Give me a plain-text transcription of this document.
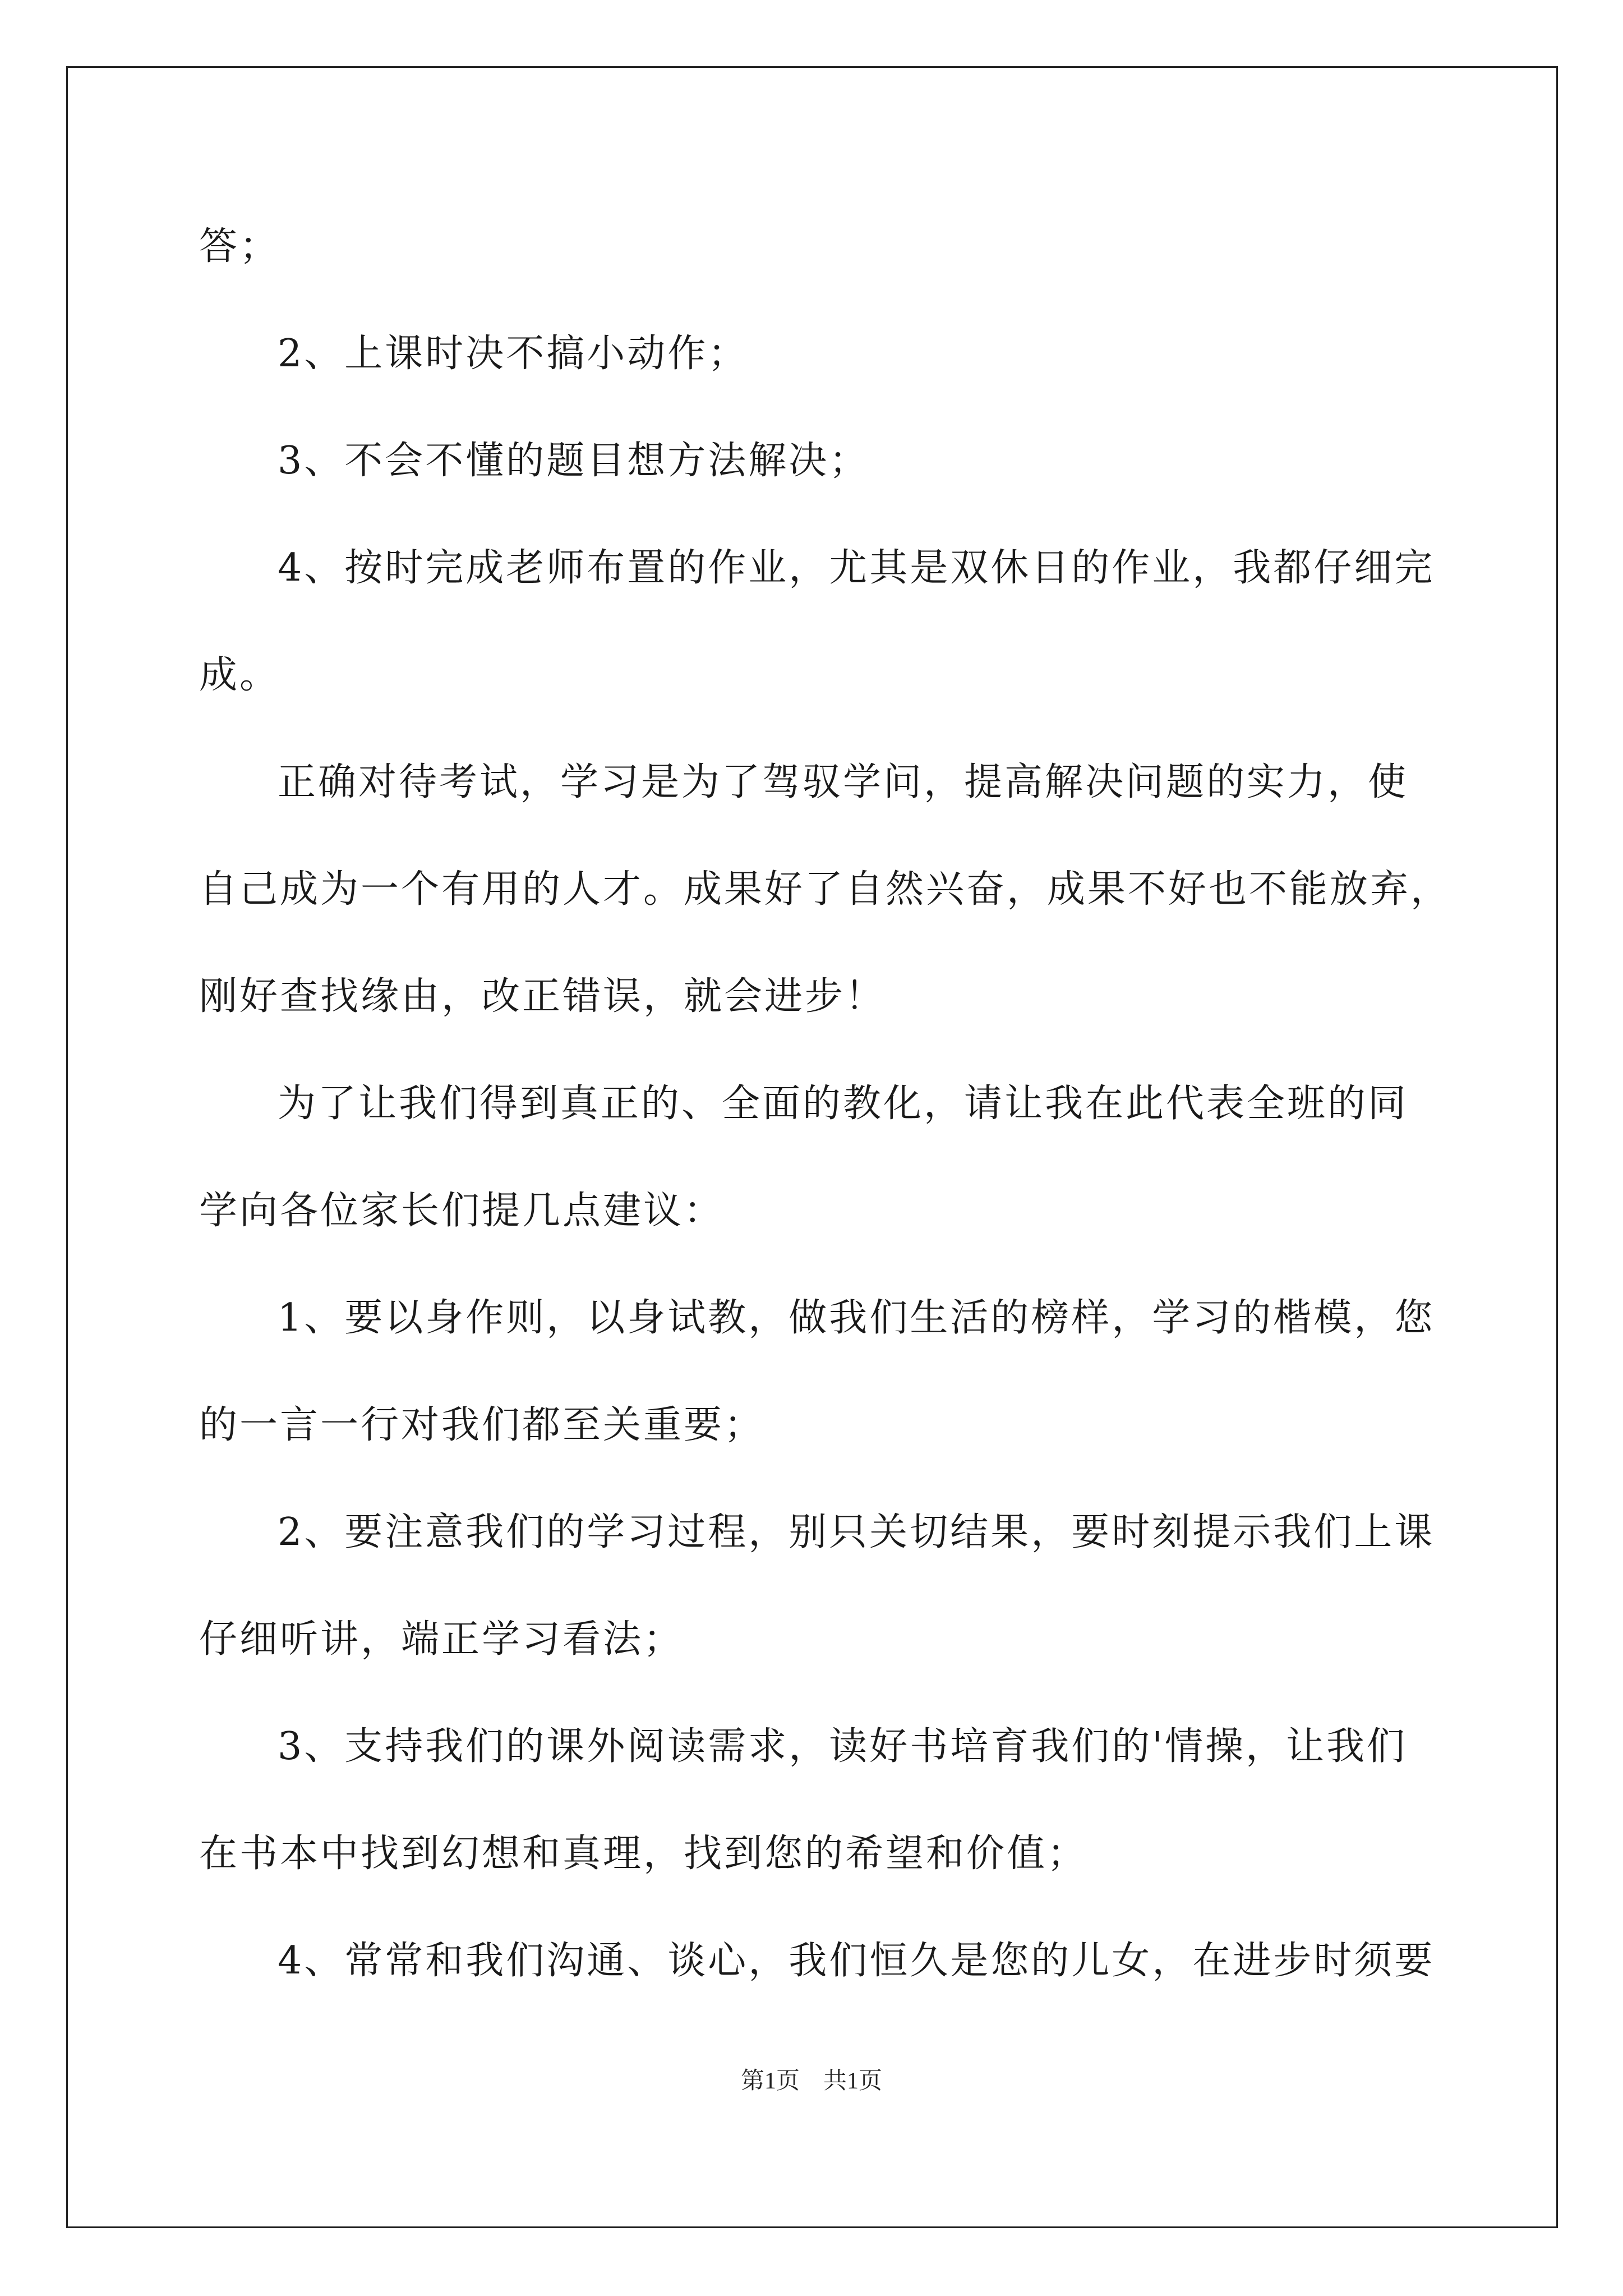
答；
2、上课时决不搞小动作；
3、不会不懂的题目想方法解决；
4、按时完成老师布置的作业，尤其是双休日的作业，我都仔细完
成。
正确对待考试，学习是为了驾驭学问，提高解决问题的实力，使
自己成为一个有用的人才。成果好了自然兴奋，成果不好也不能放弃，
刚好查找缘由，改正错误，就会进步！
为了让我们得到真正的、全面的教化，请让我在此代表全班的同
学向各位家长们提几点建议：
1、要以身作则，以身试教，做我们生活的榜样，学习的楷模，您
的一言一行对我们都至关重要；
2、要注意我们的学习过程，别只关切结果，要时刻提示我们上课
仔细听讲，端正学习看法；
3、支持我们的课外阅读需求，读好书培育我们的'情操，让我们
在书本中找到幻想和真理，找到您的希望和价值；
4、常常和我们沟通、谈心，我们恒久是您的儿女，在进步时须要
第1页　共1页
